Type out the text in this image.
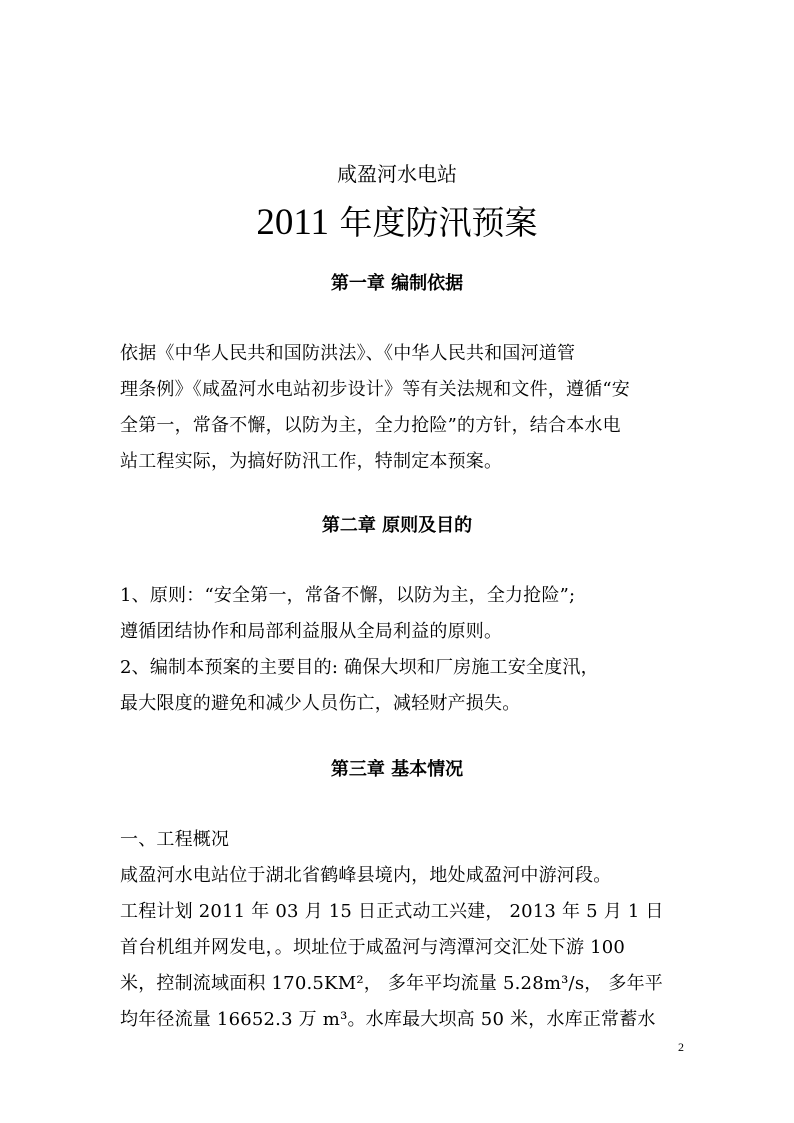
咸盈河水电站
2011 年度防汛预案
第一章 编制依据
依据《中华人民共和国防洪法》、《中华人民共和国河道管
理条例》《咸盈河水电站初步设计》等有关法规和文件，遵循“安
全第一，常备不懈，以防为主，全力抢险”的方针，结合本水电
站工程实际，为搞好防汛工作，特制定本预案。
第二章 原则及目的
1、原则：“安全第一，常备不懈，以防为主，全力抢险”;
遵循团结协作和局部利益服从全局利益的原则。
2、编制本预案的主要目的: 确保大坝和厂房施工安全度汛，
最大限度的避免和减少人员伤亡，减轻财产损失。
第三章 基本情况
一、工程概况
咸盈河水电站位于湖北省鹤峰县境内，地处咸盈河中游河段。
工程计划 2011 年 03 月 15 日正式动工兴建， 2013 年 5 月 1 日
首台机组并网发电，。坝址位于咸盈河与湾潭河交汇处下游 100
米，控制流域面积 170.5KM²， 多年平均流量 5.28m³/s， 多年平
均年径流量 16652.3 万 m³。水库最大坝高 50 米，水库正常蓄水
2
